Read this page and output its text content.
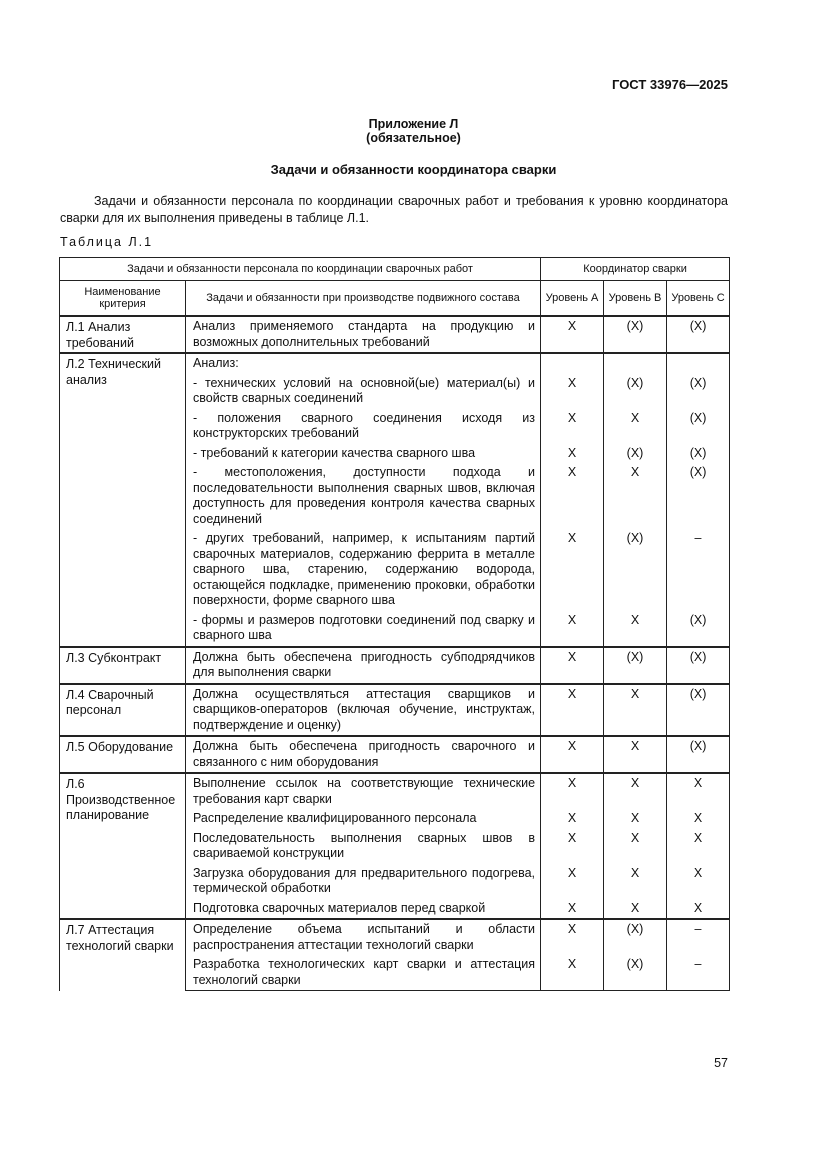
ГОСТ 33976—2025
Приложение Л
(обязательное)
Задачи и обязанности координатора сварки
Задачи и обязанности персонала по координации сварочных работ и требования к уровню координатора сварки для их выполнения приведены в таблице Л.1.
Таблица Л.1
Задачи и обязанности персонала по координации сварочных работ		Координатор сварки		
Наименование критерия	Задачи и обязанности при производстве подвижного состава	Уровень А	Уровень В	Уровень С
Л.1 Анализ требований	Анализ применяемого стандарта на продукцию и возможных дополнительных требований	X	(X)	(X)
Л.2 Технический анализ	Анализ:			
	- технических условий на основной(ые) материал(ы) и свойств сварных соединений	X	(X)	(X)
	- положения сварного соединения исходя из конструкторских требований	X	X	(X)
	- требований к категории качества сварного шва	X	(X)	(X)
	- местоположения, доступности подхода и последовательности выполнения сварных швов, включая доступность для проведения контроля качества сварных соединений	X	X	(X)
	- других требований, например, к испытаниям партий сварочных материалов, содержанию феррита в металле сварного шва, старению, содержанию водорода, остающейся подкладке, применению проковки, обработки поверхности, форме сварного шва	X	(X)	–
	- формы и размеров подготовки соединений под сварку и сварного шва	X	X	(X)
Л.3 Субконтракт	Должна быть обеспечена пригодность субподрядчиков для выполнения сварки	X	(X)	(X)
Л.4 Сварочный персонал	Должна осуществляться аттестация сварщиков и сварщиков-операторов (включая обучение, инструктаж, подтверждение и оценку)	X	X	(X)
Л.5 Оборудование	Должна быть обеспечена пригодность сварочного и связанного с ним оборудования	X	X	(X)
Л.6 Производственное планирование	Выполнение ссылок на соответствующие технические требования карт сварки	X	X	X
	Распределение квалифицированного персонала	X	X	X
	Последовательность выполнения сварных швов в свариваемой конструкции	X	X	X
	Загрузка оборудования для предварительного подогрева, термической обработки	X	X	X
	Подготовка сварочных материалов перед сваркой	X	X	X
Л.7 Аттестация технологий сварки	Определение объема испытаний и области распространения аттестации технологий сварки	X	(X)	–
	Разработка технологических карт сварки и аттестация технологий сварки	X	(X)	–
57
